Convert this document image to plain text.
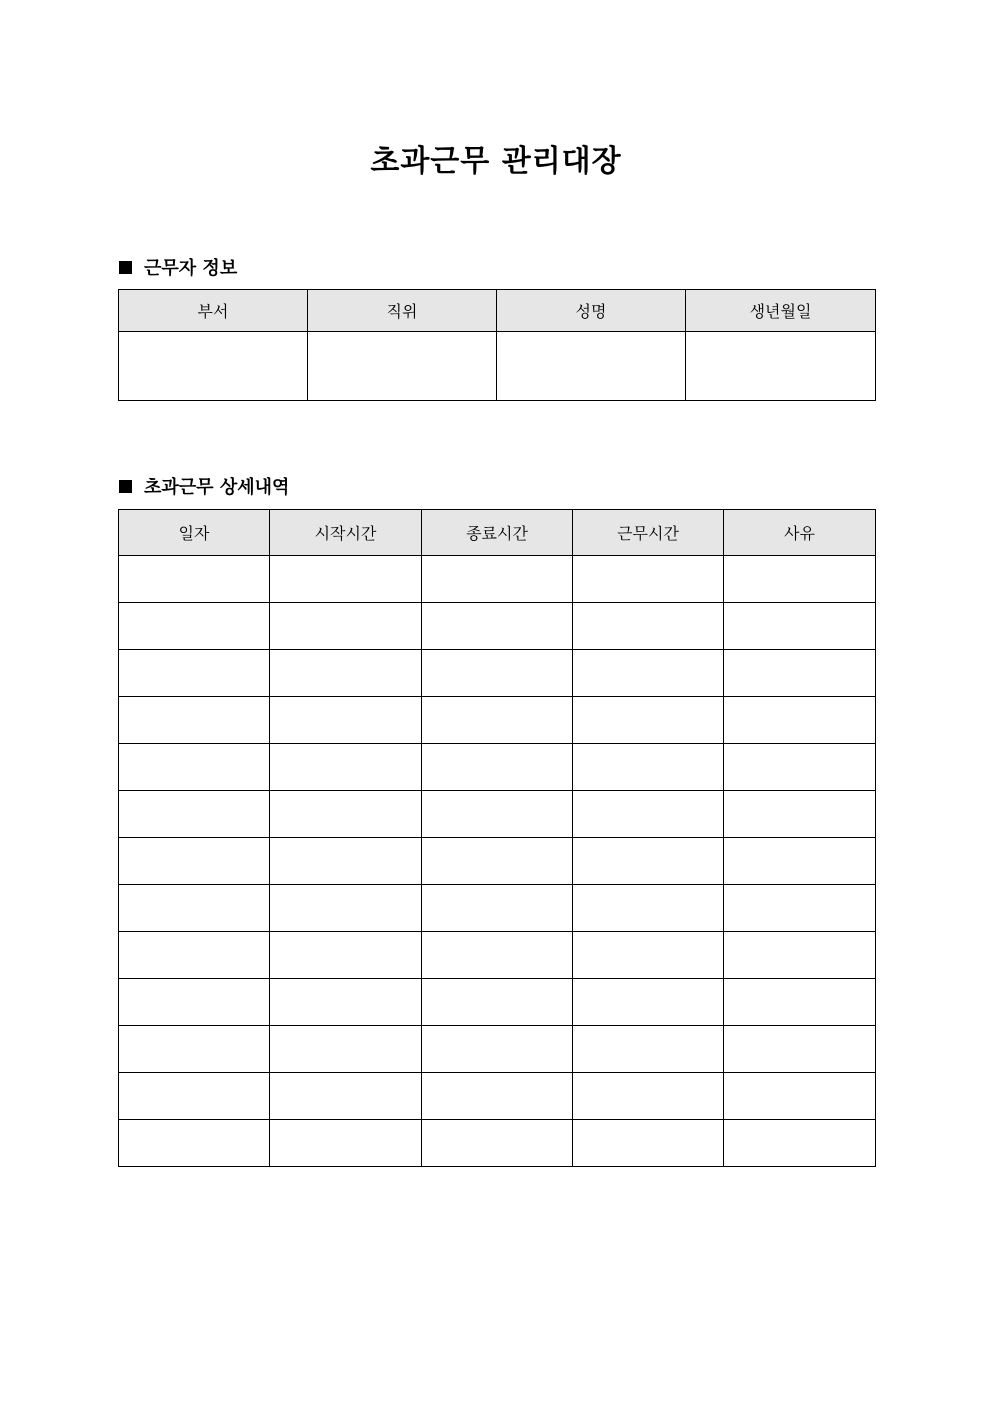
초과근무 관리대장
근무자 정보
부서	직위	성명	생년월일

초과근무 상세내역
일자	시작시간	종료시간	근무시간	사유
